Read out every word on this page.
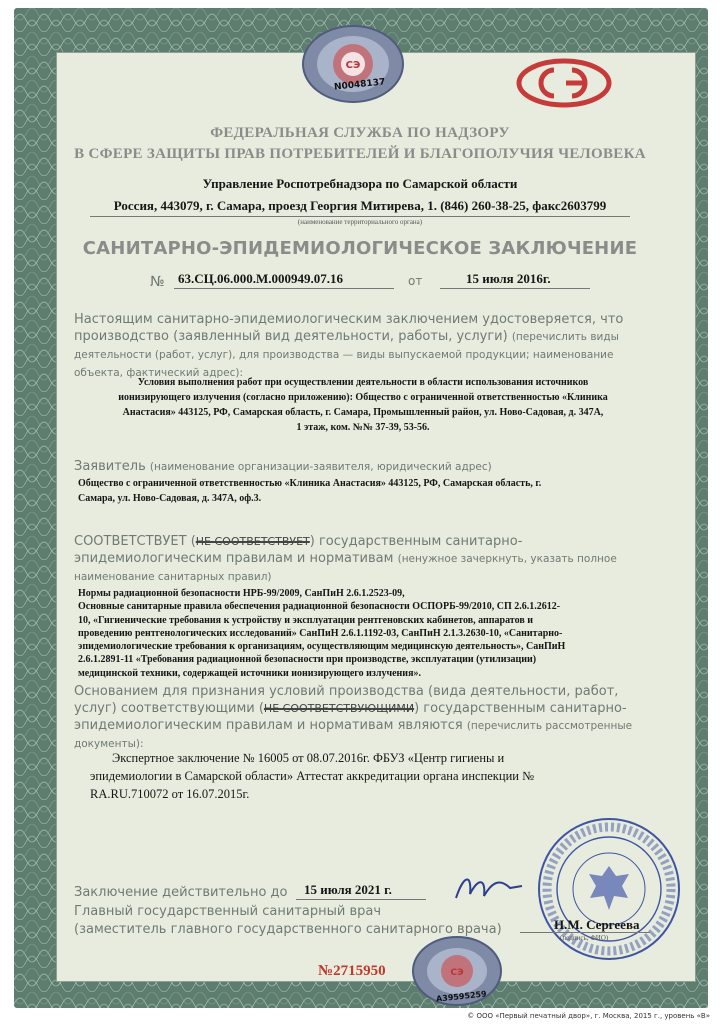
СЭ
N0048137
ФЕДЕРАЛЬНАЯ СЛУЖБА ПО НАДЗОРУ
В СФЕРЕ ЗАЩИТЫ ПРАВ ПОТРЕБИТЕЛЕЙ И БЛАГОПОЛУЧИЯ ЧЕЛОВЕКА
Управление Роспотребнадзора по Самарской области
Россия, 443079, г. Самара, проезд Георгия Митирева, 1. (846) 260-38-25, факс2603799
(наименование территориального органа)
САНИТАРНО-ЭПИДЕМИОЛОГИЧЕСКОЕ ЗАКЛЮЧЕНИЕ
№ 63.СЦ.06.000.М.000949.07.16	от	15 июля 2016г.
Настоящим санитарно-эпидемиологическим заключением удостоверяется, что производство (заявленный вид деятельности, работы, услуги) (перечислить виды деятельности (работ, услуг), для производства — виды выпускаемой продукции; наименование объекта, фактический адрес):
Условия выполнения работ при осуществлении деятельности в области использования источников
ионизирующего излучения (согласно приложению): Общество с ограниченной ответственностью «Клиника
Анастасия» 443125, РФ, Самарская область, г. Самара, Промышленный район, ул. Ново-Садовая, д. 347А,
1 этаж, ком. №№ 37-39, 53-56.
Заявитель (наименование организации-заявителя, юридический адрес)
Общество с ограниченной ответственностью «Клиника Анастасия» 443125, РФ, Самарская область, г.
Самара, ул. Ново-Садовая, д. 347А, оф.3.
СООТВЕТСТВУЕТ (НЕ СООТВЕТСТВУЕТ) государственным санитарно-эпидемиологическим правилам и нормативам (ненужное зачеркнуть, указать полное наименование санитарных правил)
Нормы радиационной безопасности НРБ-99/2009, СанПиН 2.6.1.2523-09,
Основные санитарные правила обеспечения радиационной безопасности ОСПОРБ-99/2010, СП 2.6.1.2612-
10, «Гигиенические требования к устройству и эксплуатации рентгеновских кабинетов, аппаратов и
проведению рентгенологических исследований» СанПиН 2.6.1.1192-03, СанПиН 2.1.3.2630-10, «Санитарно-
эпидемиологические требования к организациям, осуществляющим медицинскую деятельность», СанПиН
2.6.1.2891-11 «Требования радиационной безопасности при производстве, эксплуатации (утилизации)
медицинской техники, содержащей источники ионизирующего излучения».
Основанием для признания условий производства (вида деятельности, работ,
услуг) соответствующими (НЕ СООТВЕТСТВУЮЩИМИ) государственным санитарно-
эпидемиологическим правилам и нормативам являются (перечислить рассмотренные документы):
Экспертное заключение № 16005 от 08.07.2016г. ФБУЗ «Центр гигиены и
эпидемиологии в Самарской области» Аттестат аккредитации органа инспекции №
RA.RU.710072 от 16.07.2015г.
Заключение действительно до 15 июля 2021 г.
Главный государственный санитарный врач
(заместитель главного государственного санитарного врача)	Н.М. Сергеева
(подпись, ФИО)
№2715950	СЭ
А39595259
© ООО «Первый печатный двор», г. Москва, 2015 г., уровень «В»
